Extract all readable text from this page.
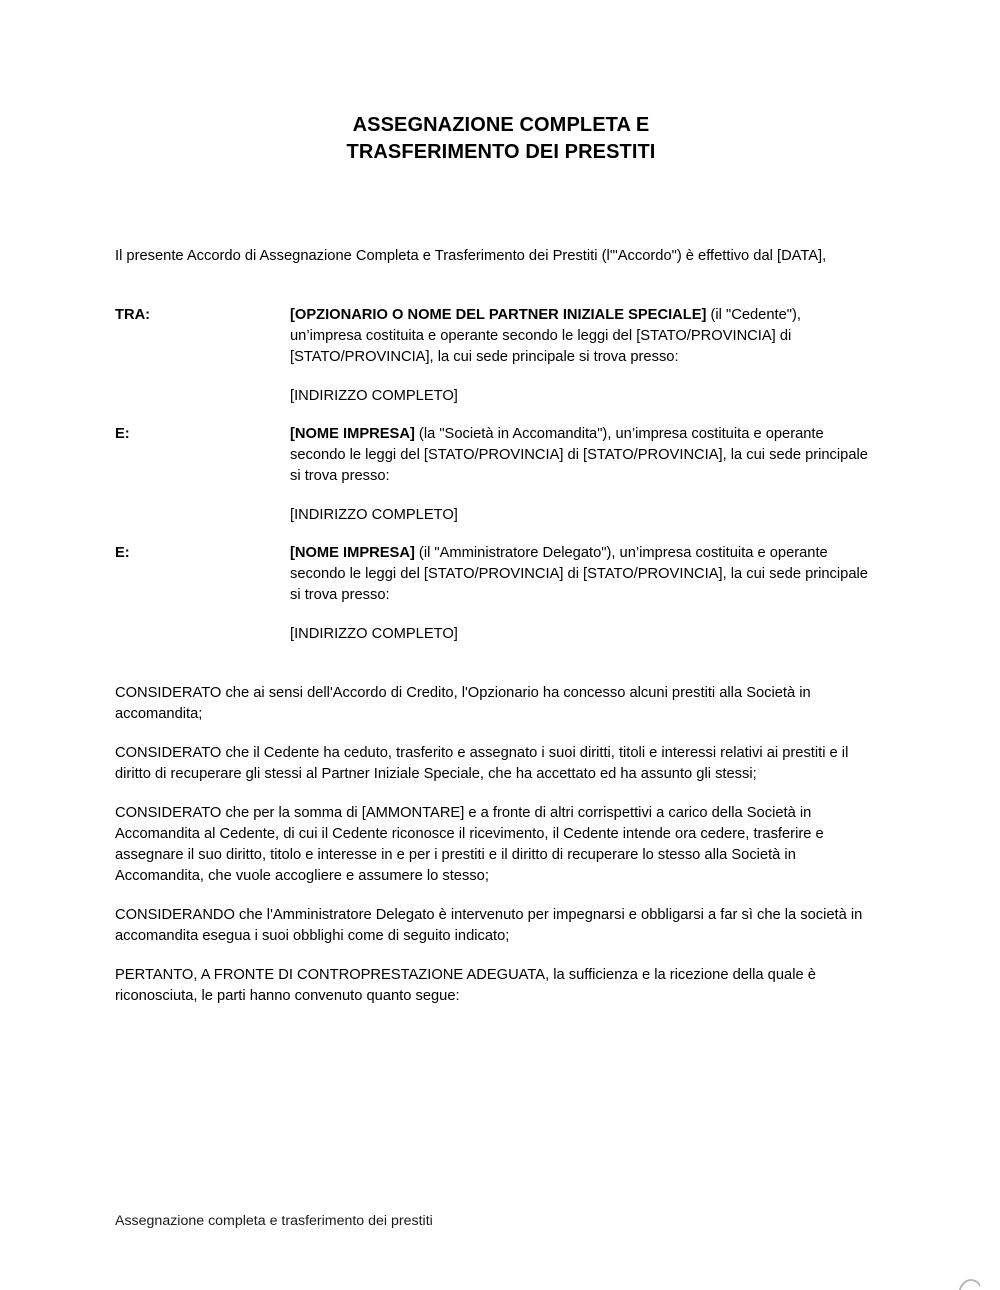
ASSEGNAZIONE COMPLETA E
TRASFERIMENTO DEI PRESTITI

Il presente Accordo di Assegnazione Completa e Trasferimento dei Prestiti (l'"Accordo") è effettivo dal [DATA],

TRA:	[OPZIONARIO O NOME DEL PARTNER INIZIALE SPECIALE] (il "Cedente"), un’impresa costituita e operante secondo le leggi del [STATO/PROVINCIA] di [STATO/PROVINCIA], la cui sede principale si trova presso:
[INDIRIZZO COMPLETO]
E:	[NOME IMPRESA] (la "Società in Accomandita"), un’impresa costituita e operante secondo le leggi del [STATO/PROVINCIA] di [STATO/PROVINCIA], la cui sede principale si trova presso:
[INDIRIZZO COMPLETO]
E:	[NOME IMPRESA] (il "Amministratore Delegato"), un’impresa costituita e operante secondo le leggi del [STATO/PROVINCIA] di [STATO/PROVINCIA], la cui sede principale si trova presso:
[INDIRIZZO COMPLETO]

CONSIDERATO che ai sensi dell'Accordo di Credito, l'Opzionario ha concesso alcuni prestiti alla Società in accomandita;

CONSIDERATO che il Cedente ha ceduto, trasferito e assegnato i suoi diritti, titoli e interessi relativi ai prestiti e il diritto di recuperare gli stessi al Partner Iniziale Speciale, che ha accettato ed ha assunto gli stessi;

CONSIDERATO che per la somma di [AMMONTARE] e a fronte di altri corrispettivi a carico della Società in Accomandita al Cedente, di cui il Cedente riconosce il ricevimento, il Cedente intende ora cedere, trasferire e assegnare il suo diritto, titolo e interesse in e per i prestiti e il diritto di recuperare lo stesso alla Società in Accomandita, che vuole accogliere e assumere lo stesso;

CONSIDERANDO che l'Amministratore Delegato è intervenuto per impegnarsi e obbligarsi a far sì che la società in accomandita esegua i suoi obblighi come di seguito indicato;

PERTANTO, A FRONTE DI CONTROPRESTAZIONE ADEGUATA, la sufficienza e la ricezione della quale è riconosciuta, le parti hanno convenuto quanto segue:

Assegnazione completa e trasferimento dei prestiti
